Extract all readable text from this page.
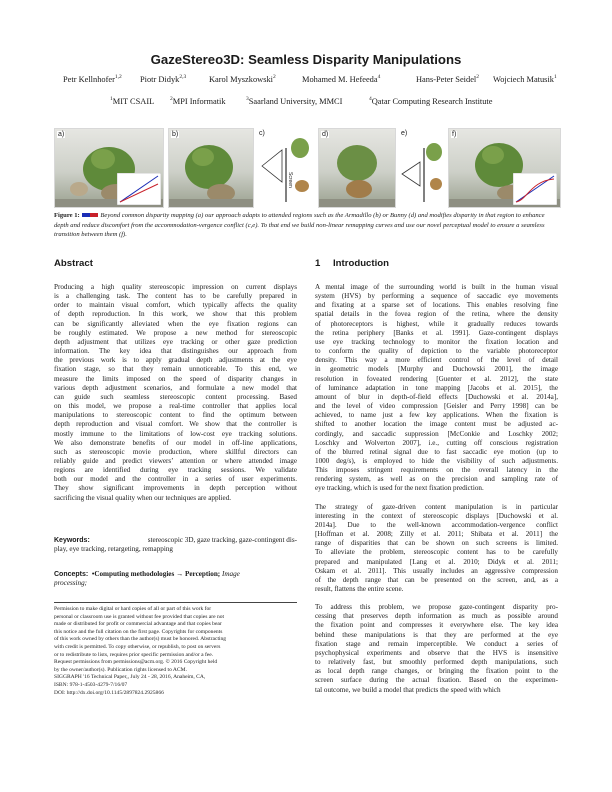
GazeStereo3D: Seamless Disparity Manipulations
Petr Kellnhofer$^{1,2}$ Piotr Didyk$^{2,3}$	Karol Myszkowski$^2$	Mohamed M. Hefeeda$^4$	Hans-Peter Seidel$^2$ Wojciech Matusik$^1$
$^1$MIT CSAIL	$^2$MPI Informatik	$^3$Saarland University, MMCI	$^4$Qatar Computing Research Institute
a)	b)	c)
Screen
d)	e)	f)
Figure 1:	Beyond common disparity mapping (a) our approach adapts to attended regions such as the Armadillo (b) or Bunny (d) and modifies disparity in that region to enhance depth and reduce discomfort from the accommodation-vergence conflict (c,e). To that end we build non-linear remapping curves and use our novel perceptual model to ensure a seamless transition between them (f).
Abstract
Producing a high quality stereoscopic impression on current displays
is a challenging task. The content has to be carefully prepared in
order to maintain visual comfort, which typically affects the quality
of depth reproduction. In this work, we show that this problem
can be significantly alleviated when the eye fixation regions can
be roughly estimated. We propose a new method for stereoscopic
depth adjustment that utilizes eye tracking or other gaze prediction
information. The key idea that distinguishes our approach from
the previous work is to apply gradual depth adjustments at the eye
fixation stage, so that they remain unnoticeable. To this end, we
measure the limits imposed on the speed of disparity changes in
various depth adjustment scenarios, and formulate a new model that
can guide such seamless stereoscopic content processing. Based
on this model, we propose a real-time controller that applies local
manipulations to stereoscopic content to find the optimum between
depth reproduction and visual comfort. We show that the controller is
mostly immune to the limitations of low-cost eye tracking solutions.
We also demonstrate benefits of our model in off-line applications,
such as stereoscopic movie production, where skillful directors can
reliably guide and predict viewers’ attention or where attended image
regions are identified during eye tracking sessions. We validate
both our model and the controller in a series of user experiments.
They show significant improvements in depth perception without
sacrificing the visual quality when our techniques are applied.
Keywords:	stereoscopic 3D, gaze tracking, gaze-contingent dis-
play, eye tracking, retargeting, remapping
Concepts: •Computing methodologies → Perception; Image
processing;
Permission to make digital or hard copies of all or part of this work for
personal or classroom use is granted without fee provided that copies are not
made or distributed for profit or commercial advantage and that copies bear
this notice and the full citation on the first page. Copyrights for components
of this work owned by others than the author(s) must be honored. Abstracting
with credit is permitted. To copy otherwise, or republish, to post on servers
or to redistribute to lists, requires prior specific permission and/or a fee.
Request permissions from permissions@acm.org. © 2016 Copyright held
by the owner/author(s). Publication rights licensed to ACM.
SIGGRAPH '16 Technical Paper,, July 24 - 28, 2016, Anaheim, CA,
ISBN: 978-1-4503-4279-7/16/07
DOI: http://dx.doi.org/10.1145/2897824.2925866
1 Introduction
A mental image of the surrounding world is built in the human visual
system (HVS) by performing a sequence of saccadic eye movements
and fixating at a sparse set of locations. This enables resolving fine
spatial details in the fovea region of the retina, where the density
of photoreceptors is highest, while it gradually reduces towards
the retina periphery [Banks et al. 1991]. Gaze-contingent displays
use eye tracking technology to monitor the fixation location and
to conform the quality of depiction to the variable photoreceptor
density. This way a more efficient control of the level of detail
in geometric models [Murphy and Duchowski 2001], the image
resolution in foveated rendering [Guenter et al. 2012], the state
of luminance adaptation in tone mapping [Jacobs et al. 2015], the
amount of blur in depth-of-field effects [Duchowski et al. 2014a],
and the level of video compression [Geisler and Perry 1998] can be
achieved, to name just a few key applications. When the fixation is
shifted to another location the image content must be adjusted ac-
cordingly, and saccadic suppression [McConkie and Loschky 2002;
Loschky and Wolverton 2007], i.e., cutting off conscious registration
of the blurred retinal signal due to fast saccadic eye motion (up to
1000 deg/s), is employed to hide the visibility of such adjustments.
This imposes stringent requirements on the overall latency in the
rendering system, as well as on the precision and sampling rate of
eye tracking, which is used for the next fixation prediction.
The strategy of gaze-driven content manipulation is in particular
interesting in the context of stereoscopic displays [Duchowski et al.
2014a]. Due to the well-known accommodation-vergence conflict
[Hoffman et al. 2008; Zilly et al. 2011; Shibata et al. 2011] the
range of disparities that can be shown on such screens is limited.
To alleviate the problem, stereoscopic content has to be carefully
prepared and manipulated [Lang et al. 2010; Didyk et al. 2011;
Oskam et al. 2011]. This usually includes an aggressive compression
of the depth range that can be presented on the screen, and, as a
result, flattens the entire scene.
To address this problem, we propose gaze-contingent disparity pro-
cessing that preserves depth information as much as possible around
the fixation point and compresses it everywhere else. The key idea
behind these manipulations is that they are performed at the eye
fixation stage and remain imperceptible. We conduct a series of
psychophysical experiments and observe that the HVS is insensitive
to relatively fast, but smoothly performed depth manipulations, such
as local depth range changes, or bringing the fixation point to the
screen surface during the actual fixation. Based on the experimen-
tal outcome, we build a model that predicts the speed with which
